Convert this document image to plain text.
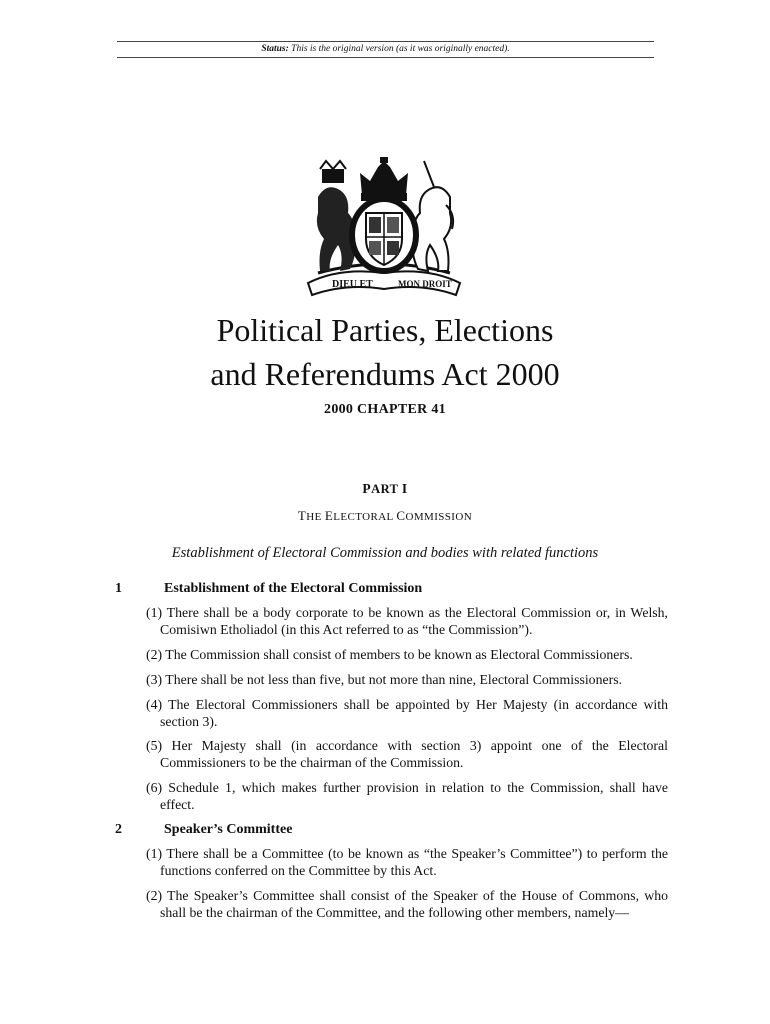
Status: This is the original version (as it was originally enacted).
DIEU ET	MON DROIT
Political Parties, Elections
and Referendums Act 2000
2000 CHAPTER 41
PART I
THE ELECTORAL COMMISSION
Establishment of Electoral Commission and bodies with related functions
1	Establishment of the Electoral Commission
(1) There shall be a body corporate to be known as the Electoral Commission or, in Welsh, Comisiwn Etholiadol (in this Act referred to as “the Commission”).
(2) The Commission shall consist of members to be known as Electoral Commissioners.
(3) There shall be not less than five, but not more than nine, Electoral Commissioners.
(4) The Electoral Commissioners shall be appointed by Her Majesty (in accordance with section 3).
(5) Her Majesty shall (in accordance with section 3) appoint one of the Electoral Commissioners to be the chairman of the Commission.
(6) Schedule 1, which makes further provision in relation to the Commission, shall have effect.
2	Speaker’s Committee
(1) There shall be a Committee (to be known as “the Speaker’s Committee”) to perform the functions conferred on the Committee by this Act.
(2) The Speaker’s Committee shall consist of the Speaker of the House of Commons, who shall be the chairman of the Committee, and the following other members, namely—
